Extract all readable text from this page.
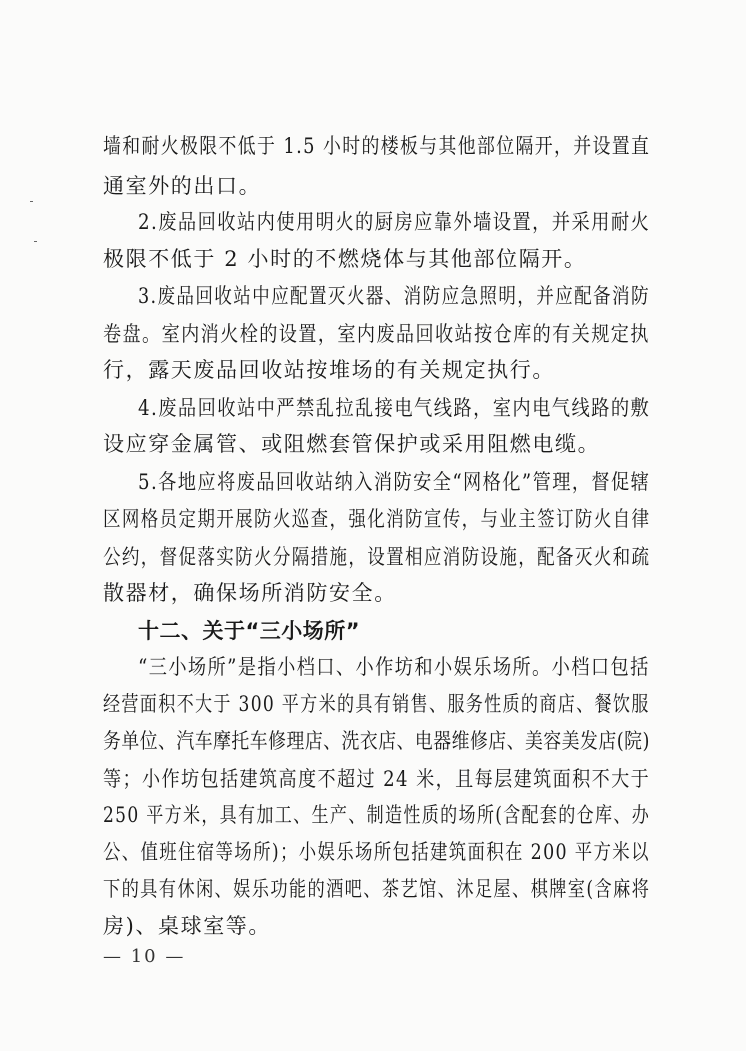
墙和耐火极限不低于 1.5 小时的楼板与其他部位隔开，并设置直
通室外的出口。
2.废品回收站内使用明火的厨房应靠外墙设置，并采用耐火
极限不低于 2 小时的不燃烧体与其他部位隔开。
3.废品回收站中应配置灭火器、消防应急照明，并应配备消防
卷盘。室内消火栓的设置，室内废品回收站按仓库的有关规定执
行，露天废品回收站按堆场的有关规定执行。
4.废品回收站中严禁乱拉乱接电气线路，室内电气线路的敷
设应穿金属管、或阻燃套管保护或采用阻燃电缆。
5.各地应将废品回收站纳入消防安全“网格化”管理，督促辖
区网格员定期开展防火巡查，强化消防宣传，与业主签订防火自律
公约，督促落实防火分隔措施，设置相应消防设施，配备灭火和疏
散器材，确保场所消防安全。
十二、关于“三小场所”
“三小场所”是指小档口、小作坊和小娱乐场所。小档口包括
经营面积不大于 300 平方米的具有销售、服务性质的商店、餐饮服
务单位、汽车摩托车修理店、洗衣店、电器维修店、美容美发店(院)
等；小作坊包括建筑高度不超过 24 米，且每层建筑面积不大于
250 平方米，具有加工、生产、制造性质的场所(含配套的仓库、办
公、值班住宿等场所)；小娱乐场所包括建筑面积在 200 平方米以
下的具有休闲、娱乐功能的酒吧、茶艺馆、沐足屋、棋牌室(含麻将
房)、桌球室等。
— 10 —
